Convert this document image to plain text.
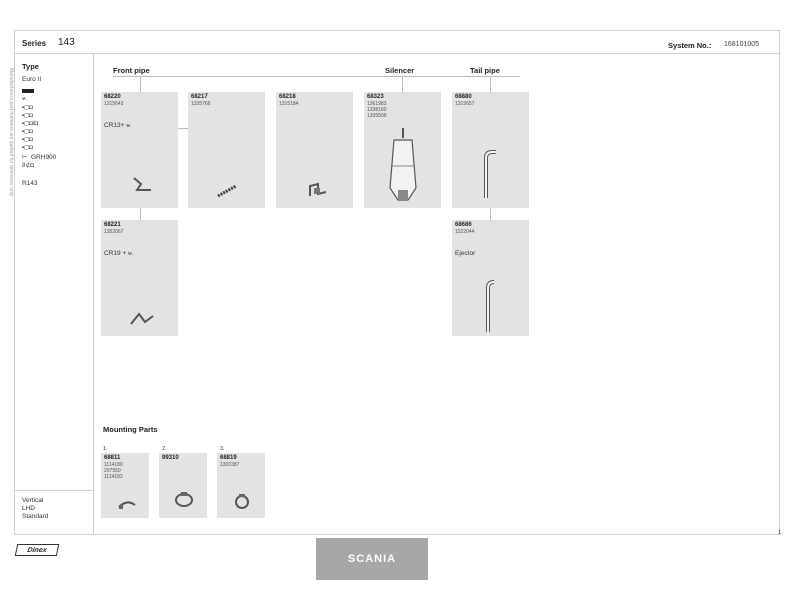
Series 143	System No.: 168101005
Manufacturers part numbers are quoted for reference only
Type
Euro II
⩝.
▪◻◘
▪◻◘
▪◻◘/◘
▪◻◘
▪◻◘
▪◻◘
⊢ GRH900
8⊄◘
R143
Front pipe	Silencer	Tail pipe
Mounting Parts
68220
1315643
CR13+ ⩝.
68217
1335769
68218
1315184
68323
1361983
1338160
1305509
68880
1315657
68221
1352067
CR19 + ⩝.
68686
1522044
Ejector
1.
68811
1114180
207550
1114182
2.
99310
3.
68819
1300387
Vertical
LHD
Standard
Dinex
SCANIA
1
